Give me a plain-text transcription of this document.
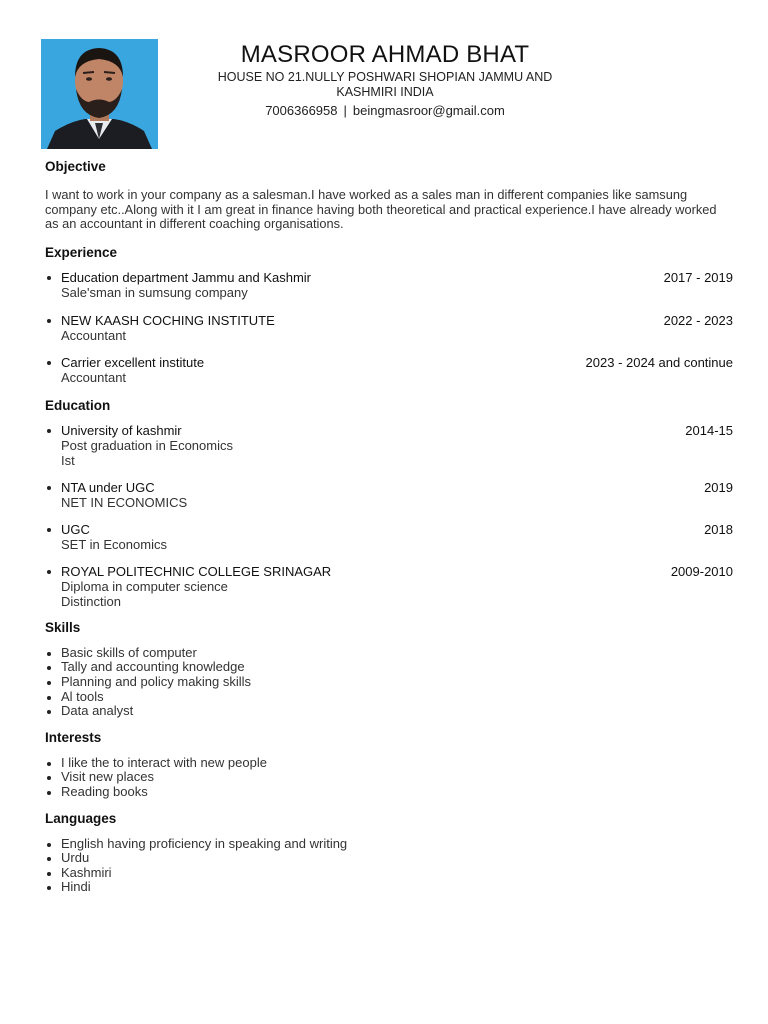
MASROOR AHMAD BHAT
HOUSE NO 21.NULLY POSHWARI SHOPIAN JAMMU AND
KASHMIRI INDIA
7006366958 | beingmasroor@gmail.com
Objective

I want to work in your company as a salesman.I have worked as a sales man in different companies like samsung company etc..Along with it I am great in finance having both theoretical and practical experience.I have already worked as an accountant in different coaching organisations.

Experience
Education department Jammu and Kashmir	2017 - 2019
Sale'sman in sumsung company
NEW KAASH COCHING INSTITUTE	2022 - 2023
Accountant
Carrier excellent institute	2023 - 2024 and continue
Accountant
Education
University of kashmir	2014-15
Post graduation in Economics
Ist
NTA under UGC	2019
NET IN ECONOMICS
UGC	2018
SET in Economics
ROYAL POLITECHNIC COLLEGE SRINAGAR	2009-2010
Diploma in computer science
Distinction
Skills
Basic skills of computer
Tally and accounting knowledge
Planning and policy making skills
Al tools
Data analyst
Interests
I like the to interact with new people
Visit new places
Reading books
Languages
English having proficiency in speaking and writing
Urdu
Kashmiri
Hindi
